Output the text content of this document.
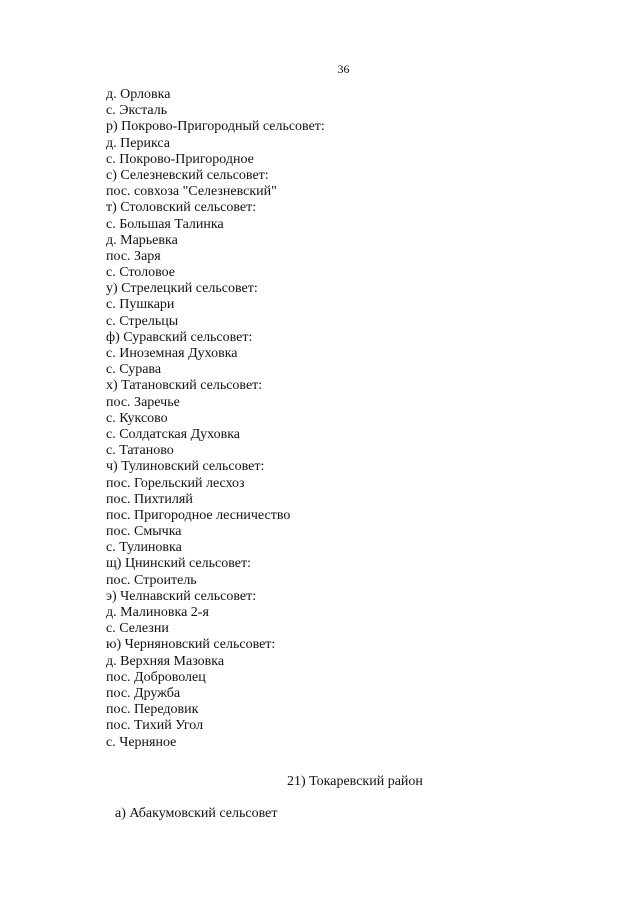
36
д. Орловка
с. Эксталь
р) Покрово-Пригородный сельсовет:
д. Перикса
с. Покрово-Пригородное
с) Селезневский сельсовет:
пос. совхоза "Селезневский"
т) Столовский сельсовет:
с. Большая Талинка
д. Марьевка
пос. Заря
с. Столовое
у) Стрелецкий сельсовет:
с. Пушкари
с. Стрельцы
ф) Суравский сельсовет:
с. Иноземная Духовка
с. Сурава
х) Татановский сельсовет:
пос. Заречье
с. Куксово
с. Солдатская Духовка
с. Татаново
ч) Тулиновский сельсовет:
пос. Горельский лесхоз
пос. Пихтиляй
пос. Пригородное лесничество
пос. Смычка
с. Тулиновка
щ) Цнинский сельсовет:
пос. Строитель
э) Челнавский сельсовет:
д. Малиновка 2-я
с. Селезни
ю) Черняновский сельсовет:
д. Верхняя Мазовка
пос. Доброволец
пос. Дружба
пос. Передовик
пос. Тихий Угол
с. Черняное
21) Токаревский район
а) Абакумовский сельсовет
